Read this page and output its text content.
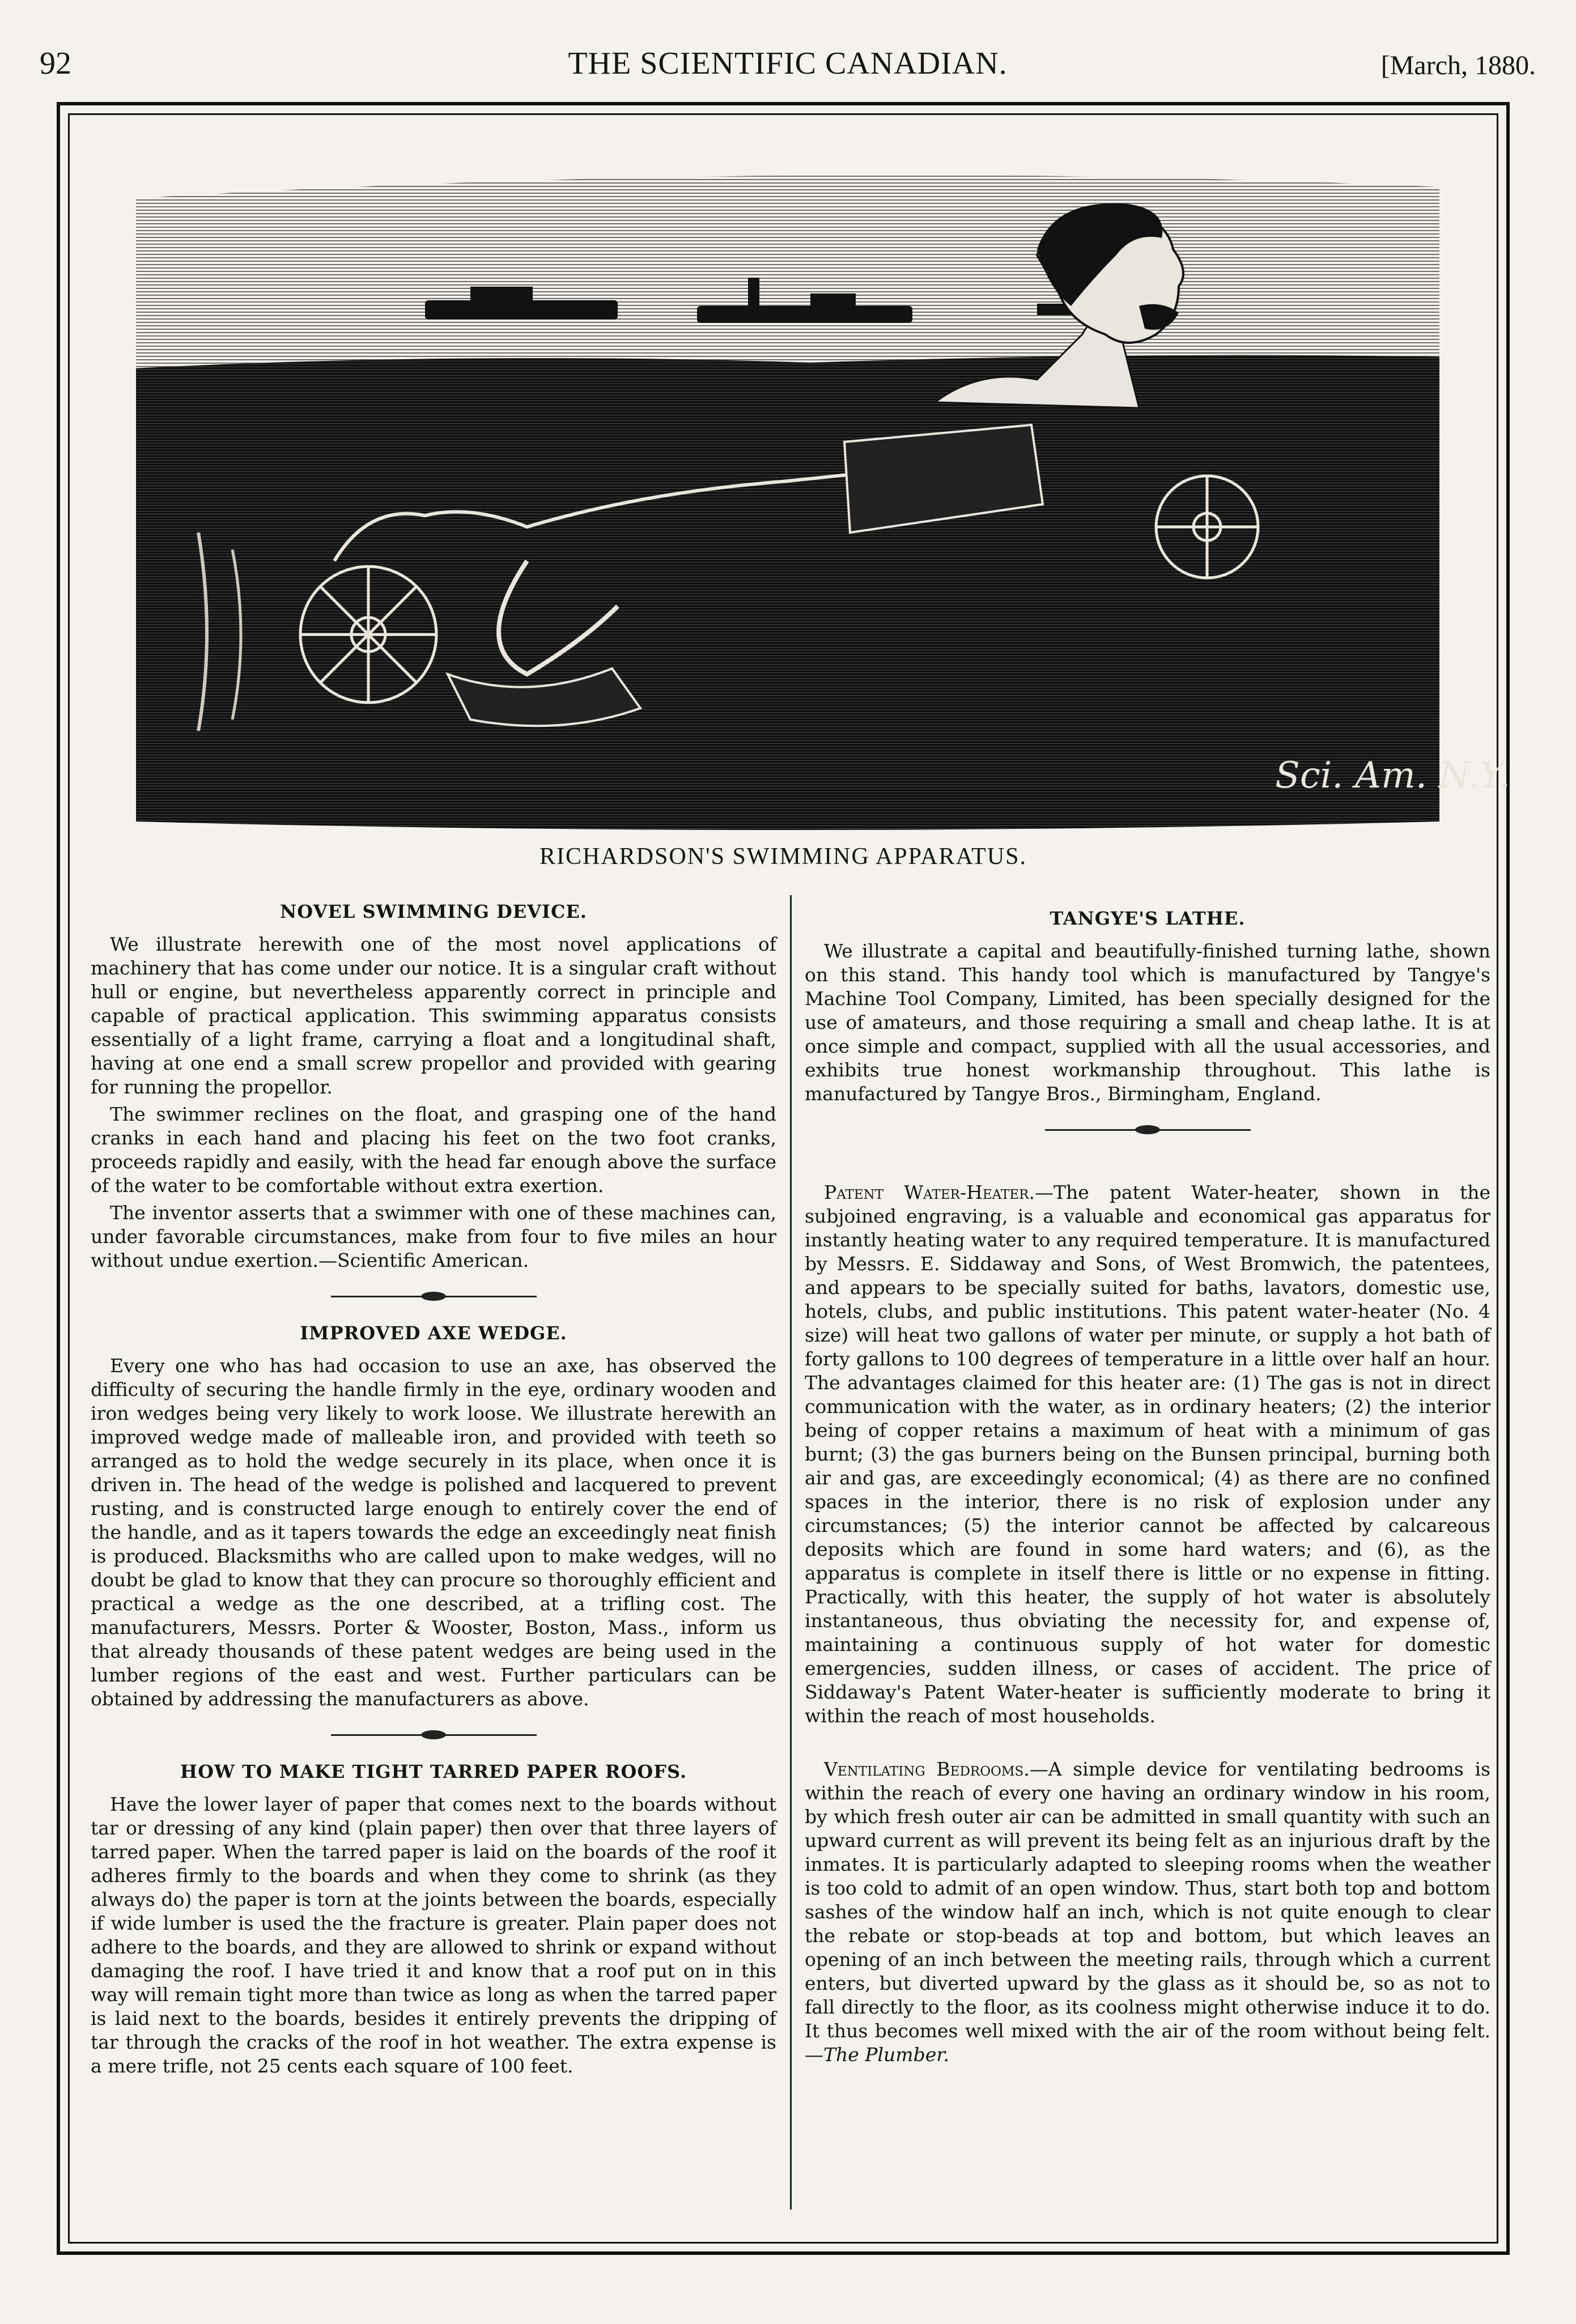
92	THE SCIENTIFIC CANADIAN.	[March, 1880.
Sci. Am. N.Y.
RICHARDSON'S SWIMMING APPARATUS.
NOVEL SWIMMING DEVICE.

We illustrate herewith one of the most novel applications of machinery that has come under our notice. It is a singular craft without hull or engine, but nevertheless apparently correct in principle and capable of practical application. This swimming apparatus consists essentially of a light frame, carrying a float and a longitudinal shaft, having at one end a small screw propellor and provided with gearing for running the propellor.

The swimmer reclines on the float, and grasping one of the hand cranks in each hand and placing his feet on the two foot cranks, proceeds rapidly and easily, with the head far enough above the surface of the water to be comfortable without extra exertion.

The inventor asserts that a swimmer with one of these machines can, under favorable circumstances, make from four to five miles an hour without undue exertion.—Scientific American.

IMPROVED AXE WEDGE.

Every one who has had occasion to use an axe, has observed the difficulty of securing the handle firmly in the eye, ordinary wooden and iron wedges being very likely to work loose. We illustrate herewith an improved wedge made of malleable iron, and provided with teeth so arranged as to hold the wedge securely in its place, when once it is driven in. The head of the wedge is polished and lacquered to prevent rusting, and is constructed large enough to entirely cover the end of the handle, and as it tapers towards the edge an exceedingly neat finish is produced. Blacksmiths who are called upon to make wedges, will no doubt be glad to know that they can procure so thoroughly efficient and practical a wedge as the one described, at a trifling cost. The manufacturers, Messrs. Porter & Wooster, Boston, Mass., inform us that already thousands of these patent wedges are being used in the lumber regions of the east and west. Further particulars can be obtained by addressing the manufacturers as above.

HOW TO MAKE TIGHT TARRED PAPER ROOFS.

Have the lower layer of paper that comes next to the boards without tar or dressing of any kind (plain paper) then over that three layers of tarred paper. When the tarred paper is laid on the boards of the roof it adheres firmly to the boards and when they come to shrink (as they always do) the paper is torn at the joints between the boards, especially if wide lumber is used the the fracture is greater. Plain paper does not adhere to the boards, and they are allowed to shrink or expand without damaging the roof. I have tried it and know that a roof put on in this way will remain tight more than twice as long as when the tarred paper is laid next to the boards, besides it entirely prevents the dripping of tar through the cracks of the roof in hot weather. The extra expense is a mere trifle, not 25 cents each square of 100 feet.

TANGYE'S LATHE.

We illustrate a capital and beautifully-finished turning lathe, shown on this stand. This handy tool which is manufactured by Tangye's Machine Tool Company, Limited, has been specially designed for the use of amateurs, and those requiring a small and cheap lathe. It is at once simple and compact, supplied with all the usual accessories, and exhibits true honest workmanship throughout. This lathe is manufactured by Tangye Bros., Birmingham, England.

Patent Water-Heater.—The patent Water-heater, shown in the subjoined engraving, is a valuable and economical gas apparatus for instantly heating water to any required temperature. It is manufactured by Messrs. E. Siddaway and Sons, of West Bromwich, the patentees, and appears to be specially suited for baths, lavators, domestic use, hotels, clubs, and public institutions. This patent water-heater (No. 4 size) will heat two gallons of water per minute, or supply a hot bath of forty gallons to 100 degrees of temperature in a little over half an hour. The advantages claimed for this heater are: (1) The gas is not in direct communication with the water, as in ordinary heaters; (2) the interior being of copper retains a maximum of heat with a minimum of gas burnt; (3) the gas burners being on the Bunsen principal, burning both air and gas, are exceedingly economical; (4) as there are no confined spaces in the interior, there is no risk of explosion under any circumstances; (5) the interior cannot be affected by calcareous deposits which are found in some hard waters; and (6), as the apparatus is complete in itself there is little or no expense in fitting. Practically, with this heater, the supply of hot water is absolutely instantaneous, thus obviating the necessity for, and expense of, maintaining a continuous supply of hot water for domestic emergencies, sudden illness, or cases of accident. The price of Siddaway's Patent Water-heater is sufficiently moderate to bring it within the reach of most households.

Ventilating Bedrooms.—A simple device for ventilating bedrooms is within the reach of every one having an ordinary window in his room, by which fresh outer air can be admitted in small quantity with such an upward current as will prevent its being felt as an injurious draft by the inmates. It is particularly adapted to sleeping rooms when the weather is too cold to admit of an open window. Thus, start both top and bottom sashes of the window half an inch, which is not quite enough to clear the rebate or stop-beads at top and bottom, but which leaves an opening of an inch between the meeting rails, through which a current enters, but diverted upward by the glass as it should be, so as not to fall directly to the floor, as its coolness might otherwise induce it to do. It thus becomes well mixed with the air of the room without being felt.—The Plumber.
